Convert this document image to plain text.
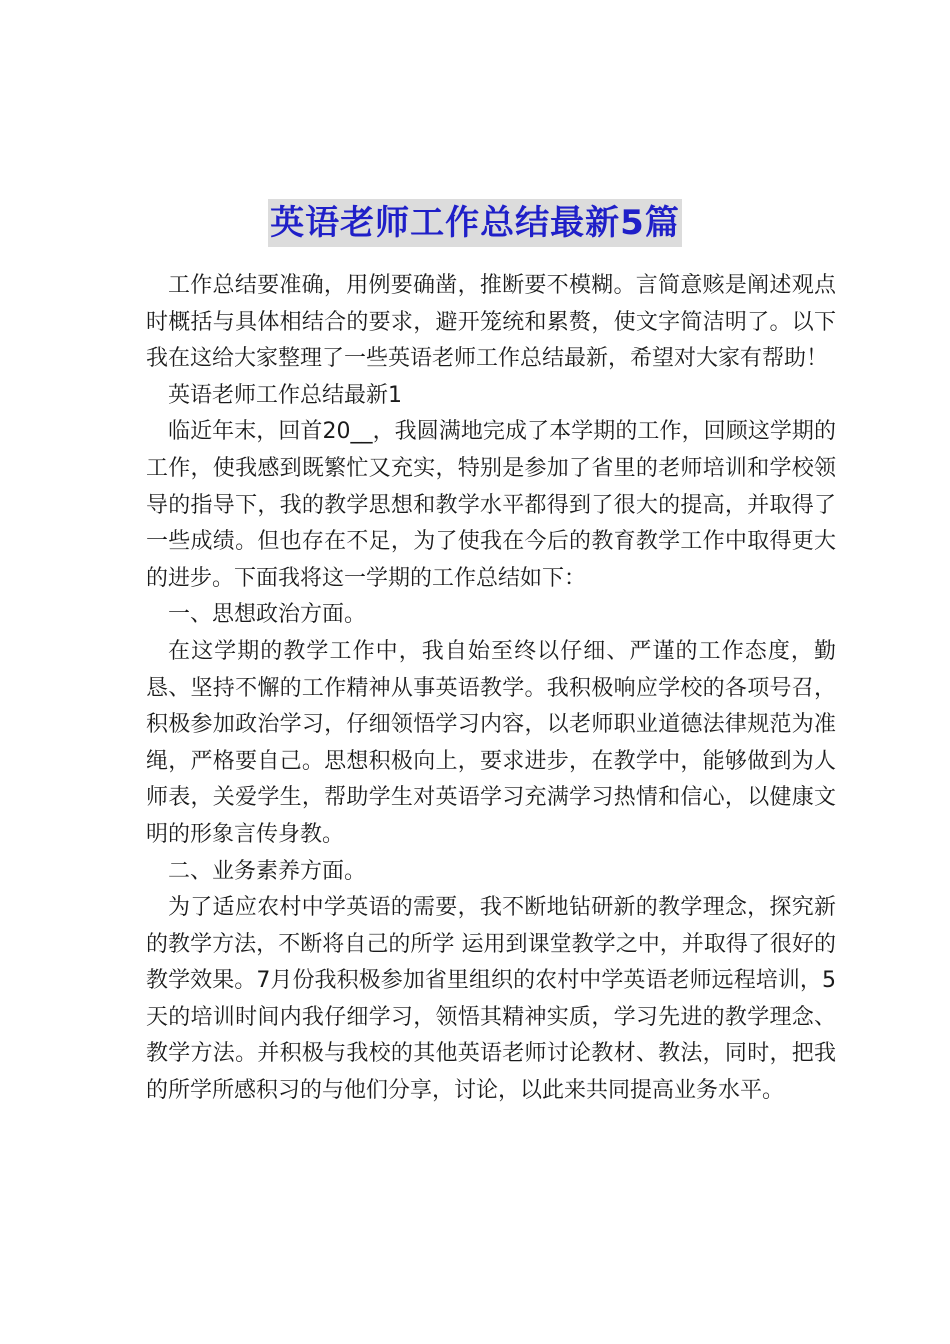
英语老师工作总结最新5篇

工作总结要准确，用例要确凿，推断要不模糊。言简意赅是阐述观点时概括与具体相结合的要求，避开笼统和累赘，使文字简洁明了。以下我在这给大家整理了一些英语老师工作总结最新，希望对大家有帮助！

英语老师工作总结最新1

临近年末，回首20__，我圆满地完成了本学期的工作，回顾这学期的工作，使我感到既繁忙又充实，特别是参加了省里的老师培训和学校领导的指导下，我的教学思想和教学水平都得到了很大的提高，并取得了一些成绩。但也存在不足，为了使我在今后的教育教学工作中取得更大的进步。下面我将这一学期的工作总结如下：

一、思想政治方面。

在这学期的教学工作中，我自始至终以仔细、严谨的工作态度，勤恳、坚持不懈的工作精神从事英语教学。我积极响应学校的各项号召，积极参加政治学习，仔细领悟学习内容，以老师职业道德法律规范为准绳，严格要自己。思想积极向上，要求进步，在教学中，能够做到为人师表，关爱学生，帮助学生对英语学习充满学习热情和信心，以健康文明的形象言传身教。

二、业务素养方面。

为了适应农村中学英语的需要，我不断地钻研新的教学理念，探究新的教学方法，不断将自己的所学 运用到课堂教学之中，并取得了很好的教学效果。7月份我积极参加省里组织的农村中学英语老师远程培训，5天的培训时间内我仔细学习，领悟其精神实质，学习先进的教学理念、教学方法。并积极与我校的其他英语老师讨论教材、教法，同时，把我的所学所感积习的与他们分享，讨论，以此来共同提高业务水平。
